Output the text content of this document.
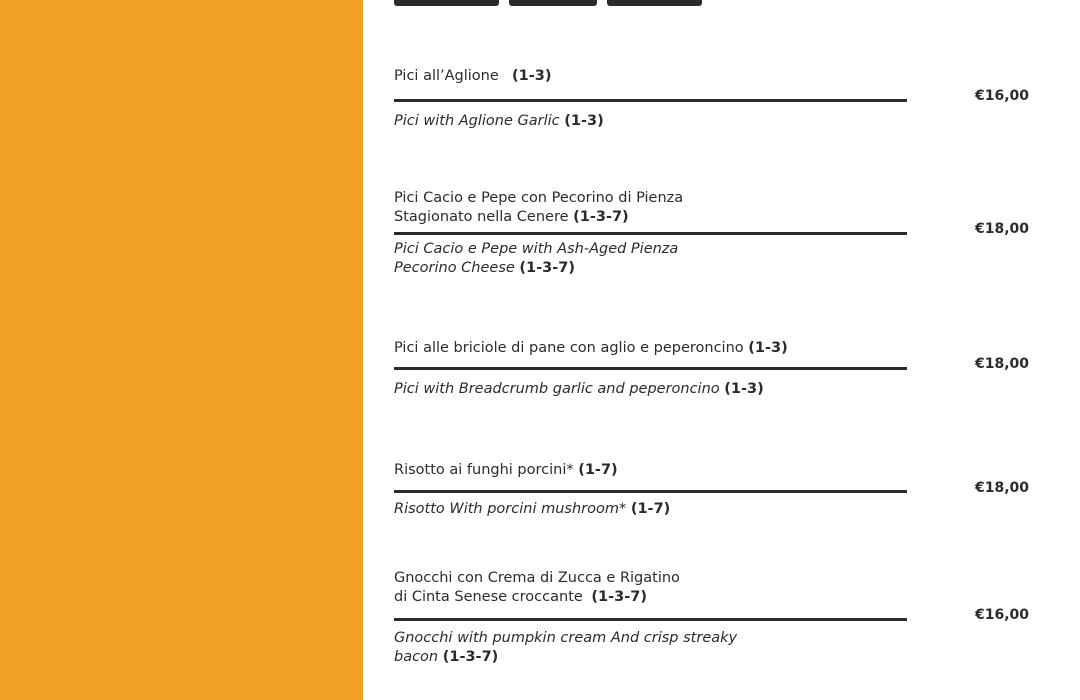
Pici all’Aglione (1-3)
Pici with Aglione Garlic (1-3)
€16,00
Pici Cacio e Pepe con Pecorino di Pienza
Stagionato nella Cenere (1-3-7)
Pici Cacio e Pepe with Ash-Aged Pienza
Pecorino Cheese (1-3-7)
€18,00
Pici alle briciole di pane con aglio e peperoncino (1-3)
Pici with Breadcrumb garlic and peperoncino (1-3)
€18,00
Risotto ai funghi porcini* (1-7)
Risotto With porcini mushroom* (1-7)
€18,00
Gnocchi con Crema di Zucca e Rigatino
di Cinta Senese croccante (1-3-7)
Gnocchi with pumpkin cream And crisp streaky
bacon (1-3-7)
€16,00
